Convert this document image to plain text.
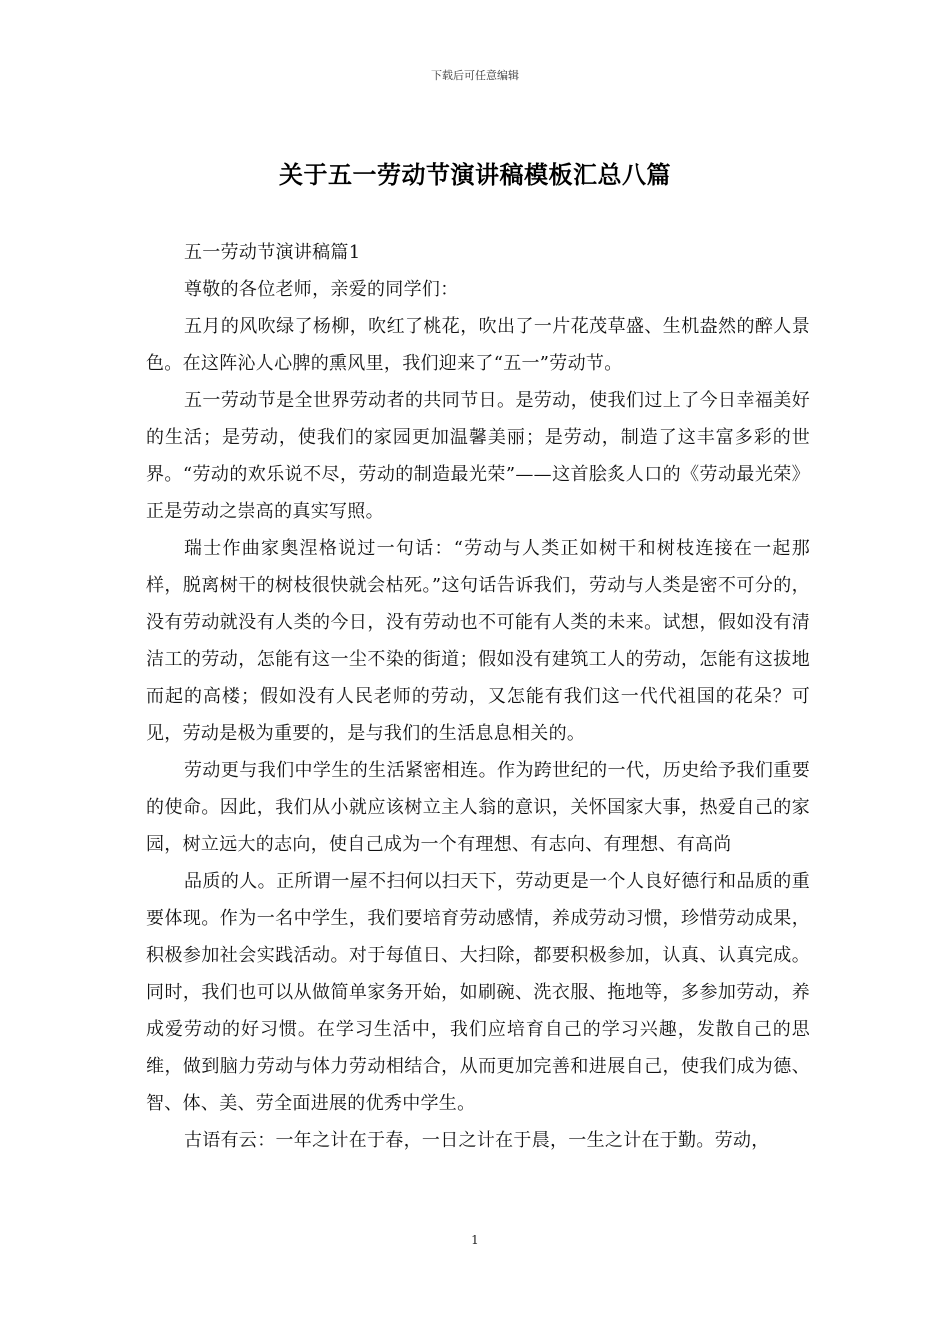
下载后可任意编辑
关于五一劳动节演讲稿模板汇总八篇

五一劳动节演讲稿篇1

尊敬的各位老师，亲爱的同学们：

五月的风吹绿了杨柳，吹红了桃花，吹出了一片花茂草盛、生机盎然的醉人景色。在这阵沁人心脾的熏风里，我们迎来了“五一”劳动节。

五一劳动节是全世界劳动者的共同节日。是劳动，使我们过上了今日幸福美好的生活；是劳动，使我们的家园更加温馨美丽；是劳动，制造了这丰富多彩的世界。“劳动的欢乐说不尽，劳动的制造最光荣”——这首脍炙人口的《劳动最光荣》正是劳动之崇高的真实写照。

瑞士作曲家奥涅格说过一句话：“劳动与人类正如树干和树枝连接在一起那样，脱离树干的树枝很快就会枯死。”这句话告诉我们，劳动与人类是密不可分的，没有劳动就没有人类的今日，没有劳动也不可能有人类的未来。试想，假如没有清洁工的劳动，怎能有这一尘不染的街道；假如没有建筑工人的劳动，怎能有这拔地而起的高楼；假如没有人民老师的劳动，又怎能有我们这一代代祖国的花朵？可见，劳动是极为重要的，是与我们的生活息息相关的。

劳动更与我们中学生的生活紧密相连。作为跨世纪的一代，历史给予我们重要的使命。因此，我们从小就应该树立主人翁的意识，关怀国家大事，热爱自己的家园，树立远大的志向，使自己成为一个有理想、有志向、有理想、有高尚

品质的人。正所谓一屋不扫何以扫天下，劳动更是一个人良好德行和品质的重要体现。作为一名中学生，我们要培育劳动感情，养成劳动习惯，珍惜劳动成果，积极参加社会实践活动。对于每值日、大扫除，都要积极参加，认真、认真完成。同时，我们也可以从做简单家务开始，如刷碗、洗衣服、拖地等，多参加劳动，养成爱劳动的好习惯。在学习生活中，我们应培育自己的学习兴趣，发散自己的思维，做到脑力劳动与体力劳动相结合，从而更加完善和进展自己，使我们成为德、智、体、美、劳全面进展的优秀中学生。

古语有云：一年之计在于春，一日之计在于晨，一生之计在于勤。劳动，

1
